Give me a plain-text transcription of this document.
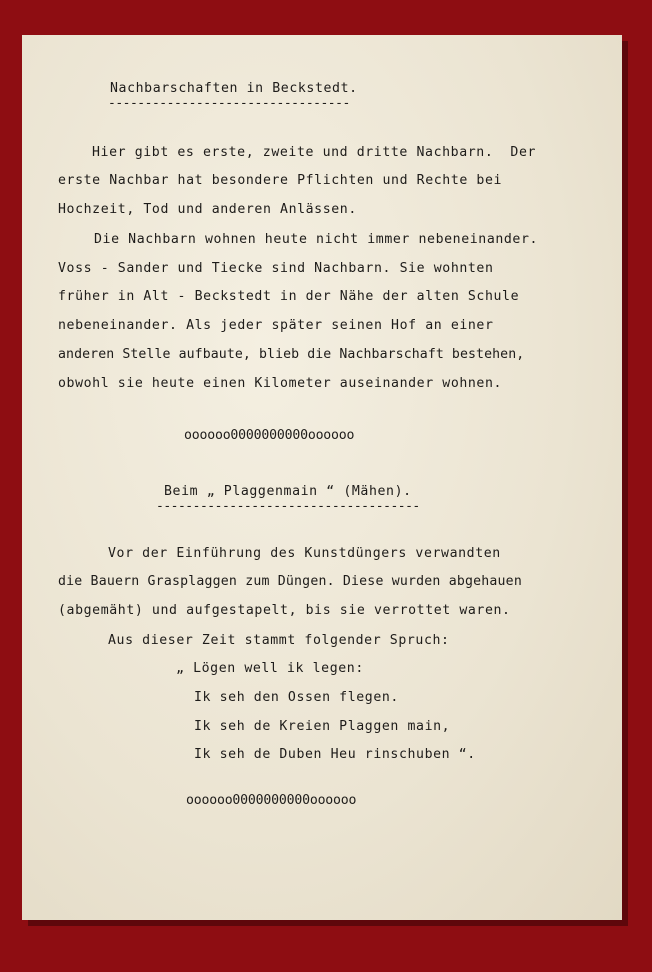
Nachbarschaften in Beckstedt.
---------------------------------
Hier gibt es erste, zweite und dritte Nachbarn.  Der
erste Nachbar hat besondere Pflichten und Rechte bei
Hochzeit, Tod und anderen Anlässen.
Die Nachbarn wohnen heute nicht immer nebeneinander.
Voss - Sander und Tiecke sind Nachbarn. Sie wohnten
früher in Alt - Beckstedt in der Nähe der alten Schule
nebeneinander. Als jeder später seinen Hof an einer
anderen Stelle aufbaute, blieb die Nachbarschaft bestehen,
obwohl sie heute einen Kilometer auseinander wohnen.
oooooo0000000000oooooo
Beim „ Plaggenmain “ (Mähen).
------------------------------------
Vor der Einführung des Kunstdüngers verwandten
die Bauern Grasplaggen zum Düngen. Diese wurden abgehauen
(abgemäht) und aufgestapelt, bis sie verrottet waren.
Aus dieser Zeit stammt folgender Spruch:
„ Lögen well ik legen:
Ik seh den Ossen flegen.
Ik seh de Kreien Plaggen main,
Ik seh de Duben Heu rinschuben “.
oooooo0000000000oooooo
